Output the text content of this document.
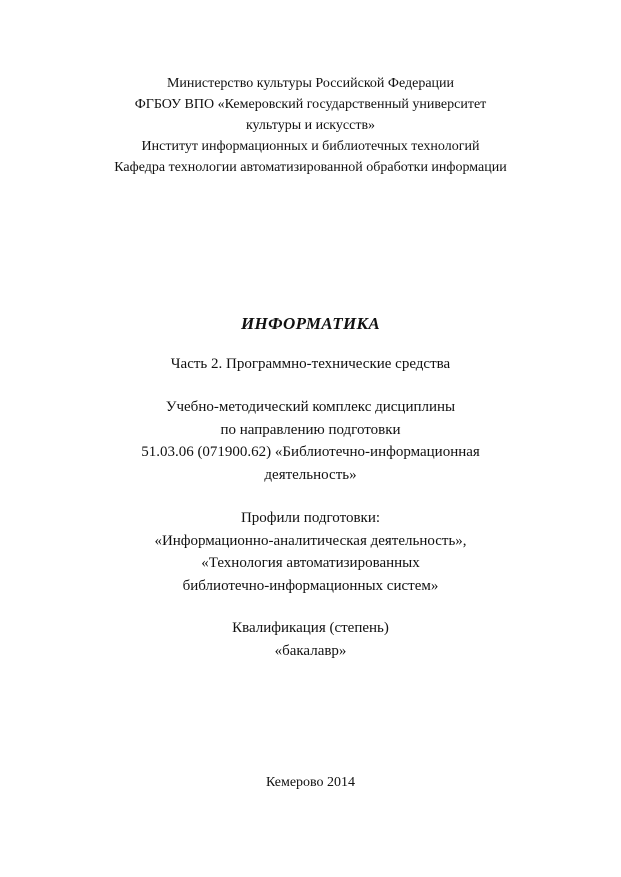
Министерство культуры Российской Федерации
ФГБОУ ВПО «Кемеровский государственный университет
культуры и искусств»
Институт информационных и библиотечных технологий
Кафедра технологии автоматизированной обработки информации
ИНФОРМАТИКА
Часть 2. Программно-технические средства
Учебно-методический комплекс дисциплины
по направлению подготовки
51.03.06 (071900.62) «Библиотечно-информационная
деятельность»
Профили подготовки:
«Информационно-аналитическая деятельность»,
«Технология автоматизированных
библиотечно-информационных систем»
Квалификация (степень)
«бакалавр»
Кемерово 2014
